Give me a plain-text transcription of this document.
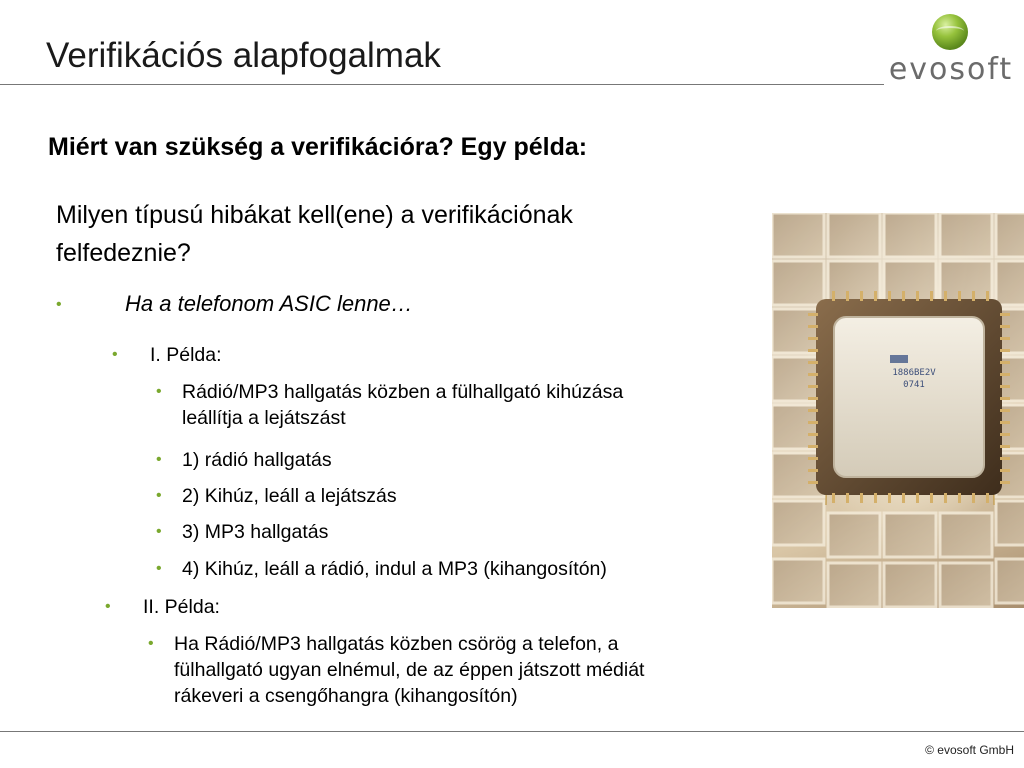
Verifikációs alapfogalmak	evosoft
Miért van szükség a verifikációra? Egy példa:
Milyen típusú hibákat kell(ene) a verifikációnak felfedeznie?
•	Ha a telefonom ASIC lenne…
• I. Példa:
• Rádió/MP3 hallgatás közben a fülhallgató kihúzása
leállítja a lejátszást
• 1) rádió hallgatás
• 2) Kihúz, leáll a lejátszás
• 3) MP3 hallgatás
• 4) Kihúz, leáll a rádió, indul a MP3 (kihangosítón)
• II. Példa:
• Ha Rádió/MP3 hallgatás közben csörög a telefon, a
fülhallgató ugyan elnémul, de az éppen játszott médiát
rákeveri a csengőhangra (kihangosítón)
1886BE2V
0741
© evosoft GmbH
